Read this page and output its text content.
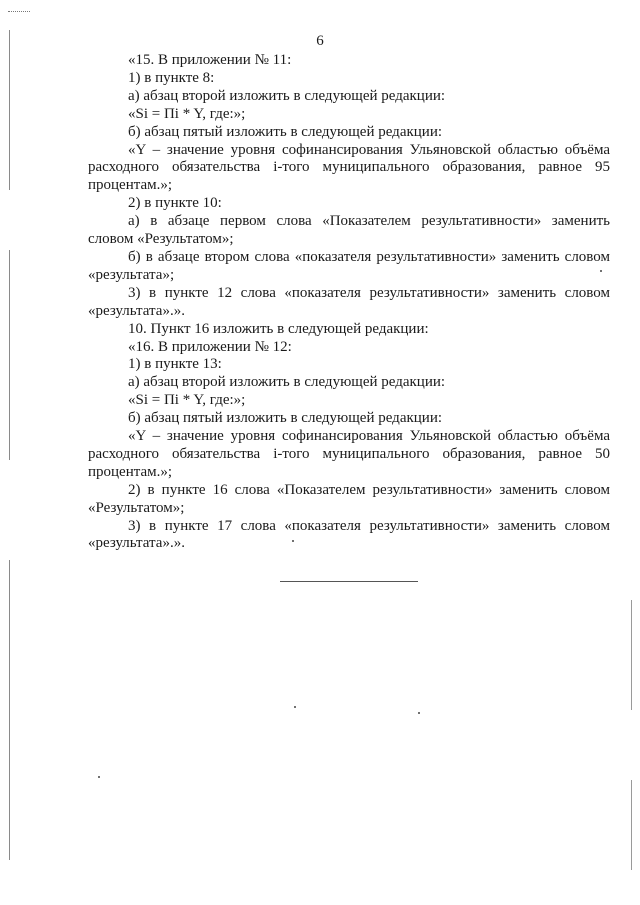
6

«15. В приложении № 11:

1) в пункте 8:

а) абзац второй изложить в следующей редакции:

«Si = Пi * Y, где:»;

б) абзац пятый изложить в следующей редакции:

«Y – значение уровня софинансирования Ульяновской областью объёма расходного обязательства i-того муниципального образования, равное 95 процентам.»;

2) в пункте 10:

а) в абзаце первом слова «Показателем результативности» заменить словом «Результатом»;

б) в абзаце втором слова «показателя результативности» заменить словом «результата»;

3) в пункте 12 слова «показателя результативности» заменить словом «результата».».

10. Пункт 16 изложить в следующей редакции:

«16. В приложении № 12:

1) в пункте 13:

а) абзац второй изложить в следующей редакции:

«Si = Пi * Y, где:»;

б) абзац пятый изложить в следующей редакции:

«Y – значение уровня софинансирования Ульяновской областью объёма расходного обязательства i-того муниципального образования, равное 50 процентам.»;

2) в пункте 16 слова «Показателем результативности» заменить словом «Результатом»;

3) в пункте 17 слова «показателя результативности» заменить словом «результата».».
